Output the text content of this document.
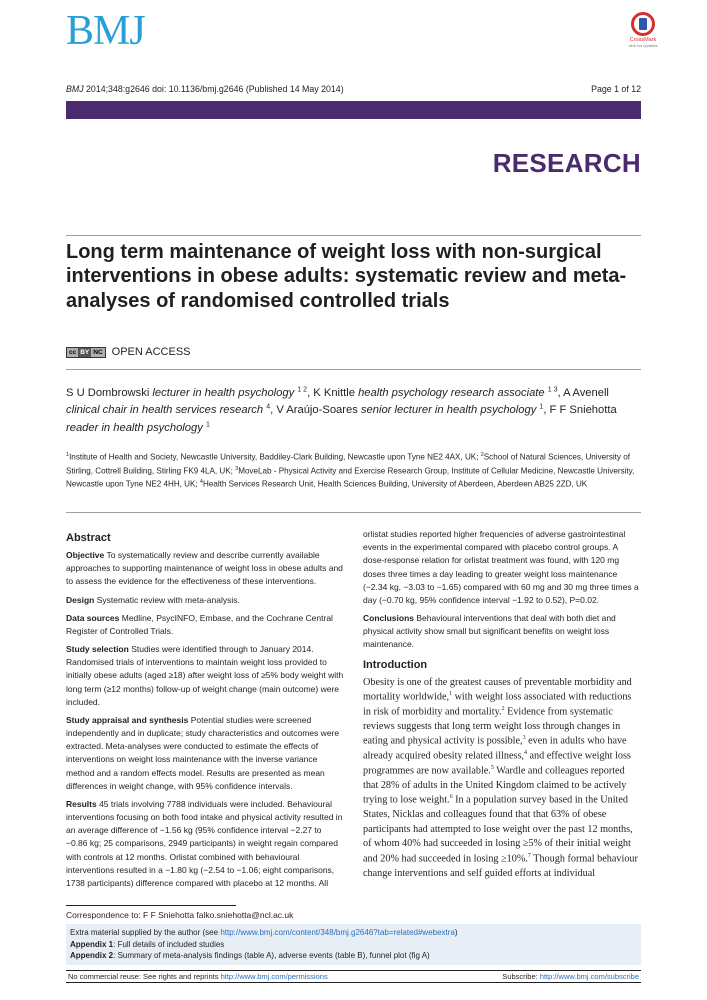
BMJ	CrossMark
click for updates
BMJ 2014;348:g2646 doi: 10.1136/bmj.g2646 (Published 14 May 2014)	Page 1 of 12
RESEARCH
Long term maintenance of weight loss with non-surgical interventions in obese adults: systematic review and meta-analyses of randomised controlled trials
cc BY NC OPEN ACCESS
S U Dombrowski lecturer in health psychology $^{1 2}$, K Knittle health psychology research associate $^{1 3}$, A Avenell clinical chair in health services research $^4$, V Araújo-Soares senior lecturer in health psychology $^1$, F F Sniehotta reader in health psychology $^1$
$^1$Institute of Health and Society, Newcastle University, Baddiley-Clark Building, Newcastle upon Tyne NE2 4AX, UK; $^2$School of Natural Sciences, University of Stirling, Cottrell Building, Stirling FK9 4LA, UK; $^3$MoveLab - Physical Activity and Exercise Research Group, Institute of Cellular Medicine, Newcastle University, Newcastle upon Tyne NE2 4HH, UK; $^4$Health Services Research Unit, Health Sciences Building, University of Aberdeen, Aberdeen AB25 2ZD, UK
Abstract

Objective To systematically review and describe currently available approaches to supporting maintenance of weight loss in obese adults and to assess the evidence for the effectiveness of these interventions.

Design Systematic review with meta-analysis.

Data sources Medline, PsycINFO, Embase, and the Cochrane Central Register of Controlled Trials.

Study selection Studies were identified through to January 2014. Randomised trials of interventions to maintain weight loss provided to initially obese adults (aged ≥18) after weight loss of ≥5% body weight with long term (≥12 months) follow-up of weight change (main outcome) were included.

Study appraisal and synthesis Potential studies were screened independently and in duplicate; study characteristics and outcomes were extracted. Meta-analyses were conducted to estimate the effects of interventions on weight loss maintenance with the inverse variance method and a random effects model. Results are presented as mean differences in weight change, with 95% confidence intervals.

Results 45 trials involving 7788 individuals were included. Behavioural interventions focusing on both food intake and physical activity resulted in an average difference of −1.56 kg (95% confidence interval −2.27 to −0.86 kg; 25 comparisons, 2949 participants) in weight regain compared with controls at 12 months. Orlistat combined with behavioural interventions resulted in a −1.80 kg (−2.54 to −1.06; eight comparisons, 1738 participants) difference compared with placebo at 12 months. All

orlistat studies reported higher frequencies of adverse gastrointestinal events in the experimental compared with placebo control groups. A dose-response relation for orlistat treatment was found, with 120 mg doses three times a day leading to greater weight loss maintenance (−2.34 kg, −3.03 to −1.65) compared with 60 mg and 30 mg three times a day (−0.70 kg, 95% confidence interval −1.92 to 0.52), P=0.02.

Conclusions Behavioural interventions that deal with both diet and physical activity show small but significant benefits on weight loss maintenance.

Introduction

Obesity is one of the greatest causes of preventable morbidity and mortality worldwide,$^1$ with weight loss associated with reductions in risk of morbidity and mortality.$^2$ Evidence from systematic reviews suggests that long term weight loss through changes in eating and physical activity is possible,$^3$ even in adults who have already acquired obesity related illness,$^4$ and effective weight loss programmes are now available.$^5$ Wardle and colleagues reported that 28% of adults in the United Kingdom claimed to be actively trying to lose weight.$^6$ In a population survey based in the United States, Nicklas and colleagues found that that 63% of obese participants had attempted to lose weight over the past 12 months, of whom 40% had succeeded in losing ≥5% of their initial weight and 20% had succeeded in losing ≥10%.$^7$ Though formal behaviour change interventions and self guided efforts at individual

Correspondence to: F F Sniehotta falko.sniehotta@ncl.ac.uk
Extra material supplied by the author (see http://www.bmj.com/content/348/bmj.g2646?tab=related#webextra)
Appendix 1: Full details of included studies
Appendix 2: Summary of meta-analysis findings (table A), adverse events (table B), funnel plot (fig A)
No commercial reuse: See rights and reprints http://www.bmj.com/permissions	Subscribe: http://www.bmj.com/subscribe
